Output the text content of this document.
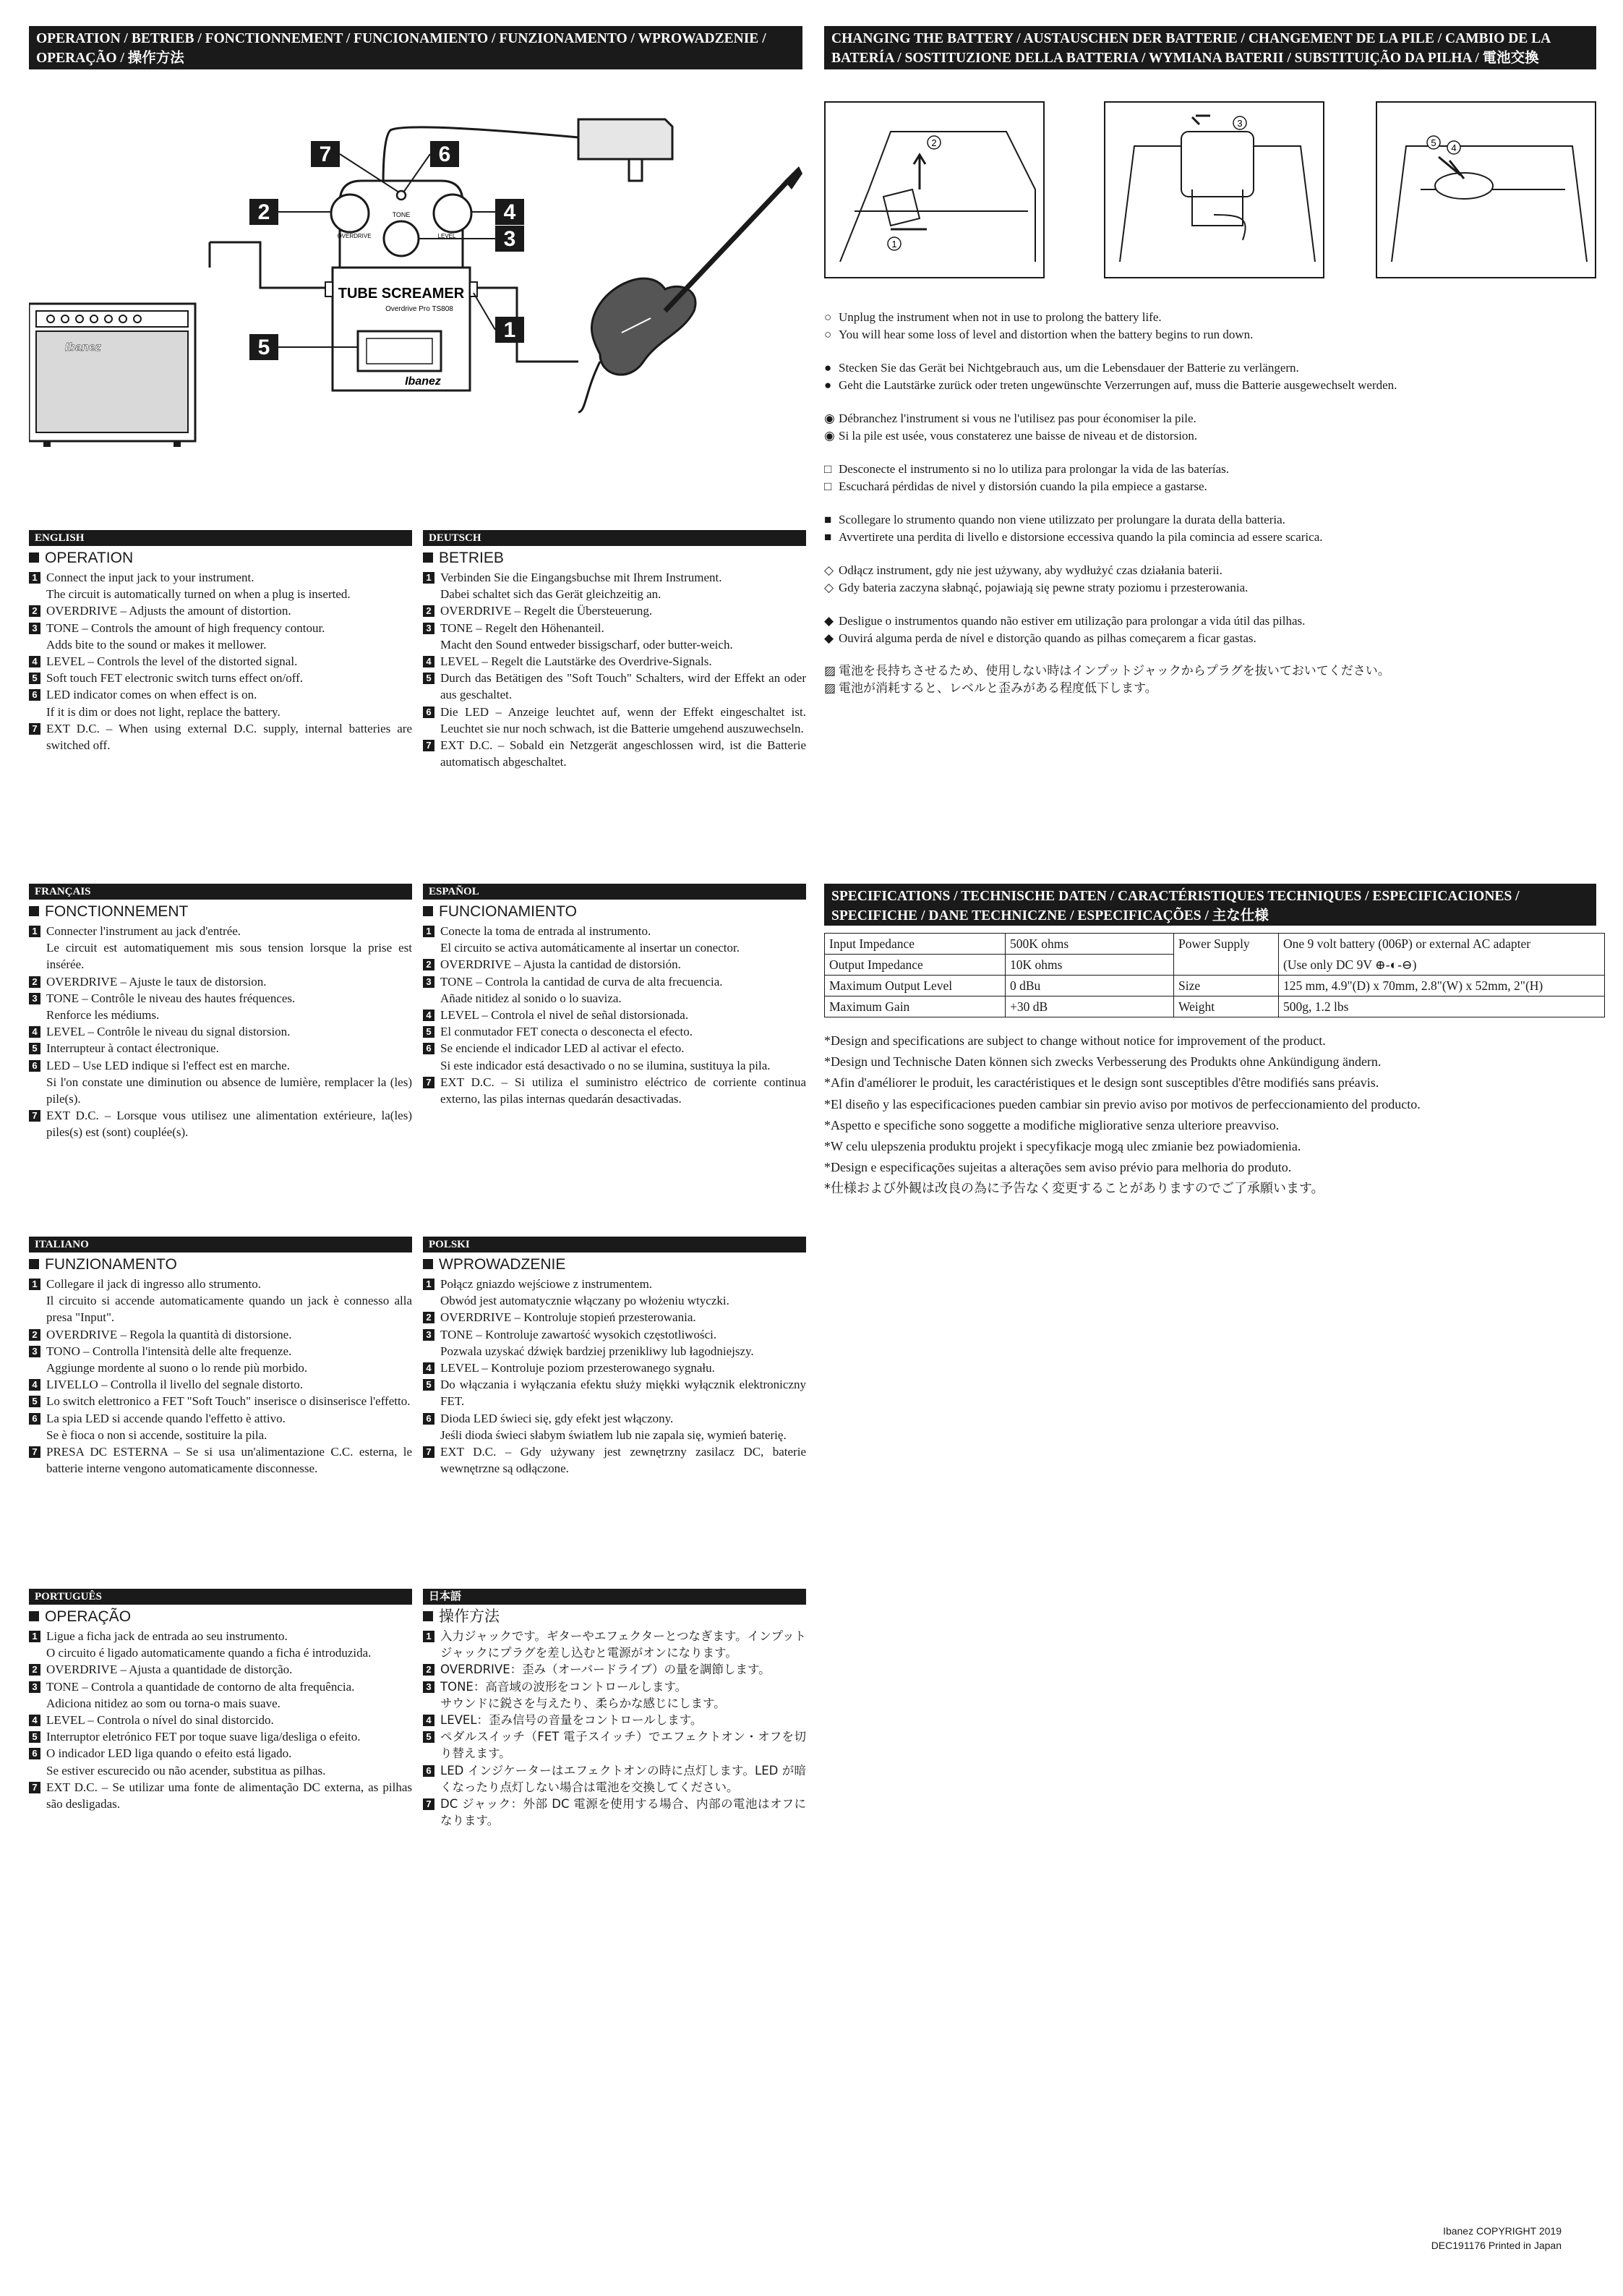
OPERATION / BETRIEB / FONCTIONNEMENT / FUNCIONAMIENTO / FUNZIONAMENTO / WPROWADZENIE / OPERAÇÃO / 操作方法
CHANGING THE BATTERY / AUSTAUSCHEN DER BATTERIE / CHANGEMENT DE LA PILE / CAMBIO DE LA BATERÍA / SOSTITUZIONE DELLA BATTERIA / WYMIANA BATERII / SUBSTITUIÇÃO DA PILHA / 電池交換
TONE
OVERDRIVE	LEVEL
TUBE SCREAMER
Overdrive Pro TS808
Ibanez
Ibanez
7	6
2	4
3
5
1
1
2
3
5 4

○ Unplug the instrument when not in use to prolong the battery life.

○ You will hear some loss of level and distortion when the battery begins to run down.

● Stecken Sie das Gerät bei Nichtgebrauch aus, um die Lebensdauer der Batterie zu verlängern.

● Geht die Lautstärke zurück oder treten ungewünschte Verzerrungen auf, muss die Batterie ausgewechselt werden.

◉ Débranchez l'instrument si vous ne l'utilisez pas pour économiser la pile.

◉ Si la pile est usée, vous constaterez une baisse de niveau et de distorsion.

□ Desconecte el instrumento si no lo utiliza para prolongar la vida de las baterías.

□ Escuchará pérdidas de nivel y distorsión cuando la pila empiece a gastarse.

■ Scollegare lo strumento quando non viene utilizzato per prolungare la durata della batteria.

■ Avvertirete una perdita di livello e distorsione eccessiva quando la pila comincia ad essere scarica.

◇ Odłącz instrument, gdy nie jest używany, aby wydłużyć czas działania baterii.

◇ Gdy bateria zaczyna słabnąć, pojawiają się pewne straty poziomu i przesterowania.

◆ Desligue o instrumentos quando não estiver em utilização para prolongar a vida útil das pilhas.

◆ Ouvirá alguma perda de nível e distorção quando as pilhas começarem a ficar gastas.

▨ 電池を長持ちさせるため、使用しない時はインプットジャックからプラグを抜いておいてください。

▨ 電池が消耗すると、レベルと歪みがある程度低下します。

ENGLISH
OPERATION
1 Connect the input jack to your instrument.
The circuit is automatically turned on when a plug is inserted.
2 OVERDRIVE – Adjusts the amount of distortion.
3 TONE – Controls the amount of high frequency contour.
Adds bite to the sound or makes it mellower.
4 LEVEL – Controls the level of the distorted signal.
5 Soft touch FET electronic switch turns effect on/off.
6 LED indicator comes on when effect is on.
If it is dim or does not light, replace the battery.
7 EXT D.C. – When using external D.C. supply, internal batteries are switched off.
DEUTSCH
BETRIEB
1 Verbinden Sie die Eingangsbuchse mit Ihrem Instrument.
Dabei schaltet sich das Gerät gleichzeitig an.
2 OVERDRIVE – Regelt die Übersteuerung.
3 TONE – Regelt den Höhenanteil.
Macht den Sound entweder bissigscharf, oder butter-weich.
4 LEVEL – Regelt die Lautstärke des Overdrive-Signals.
5 Durch das Betätigen des "Soft Touch" Schalters, wird der Effekt an oder aus geschaltet.
6 Die LED – Anzeige leuchtet auf, wenn der Effekt eingeschaltet ist. Leuchtet sie nur noch schwach, ist die Batterie umgehend auszuwechseln.
7 EXT D.C. – Sobald ein Netzgerät angeschlossen wird, ist die Batterie automatisch abgeschaltet.
FRANÇAIS
FONCTIONNEMENT
1 Connecter l'instrument au jack d'entrée.
Le circuit est automatiquement mis sous tension lorsque la prise est insérée.
2 OVERDRIVE – Ajuste le taux de distorsion.
3 TONE – Contrôle le niveau des hautes fréquences.
Renforce les médiums.
4 LEVEL – Contrôle le niveau du signal distorsion.
5 Interrupteur à contact électronique.
6 LED – Use LED indique si l'effect est en marche.
Si l'on constate une diminution ou absence de lumière, remplacer la (les) pile(s).
7 EXT D.C. – Lorsque vous utilisez une alimentation extérieure, la(les) piles(s) est (sont) couplée(s).
ESPAÑOL
FUNCIONAMIENTO
1 Conecte la toma de entrada al instrumento.
El circuito se activa automáticamente al insertar un conector.
2 OVERDRIVE – Ajusta la cantidad de distorsión.
3 TONE – Controla la cantidad de curva de alta frecuencia.
Añade nitidez al sonido o lo suaviza.
4 LEVEL – Controla el nivel de señal distorsionada.
5 El conmutador FET conecta o desconecta el efecto.
6 Se enciende el indicador LED al activar el efecto.
Si este indicador está desactivado o no se ilumina, sustituya la pila.
7 EXT D.C. – Si utiliza el suministro eléctrico de corriente continua externo, las pilas internas quedarán desactivadas.
ITALIANO
FUNZIONAMENTO
1 Collegare il jack di ingresso allo strumento.
Il circuito si accende automaticamente quando un jack è connesso alla presa "Input".
2 OVERDRIVE – Regola la quantità di distorsione.
3 TONO – Controlla l'intensità delle alte frequenze.
Aggiunge mordente al suono o lo rende più morbido.
4 LIVELLO – Controlla il livello del segnale distorto.
5 Lo switch elettronico a FET "Soft Touch" inserisce o disinserisce l'effetto.
6 La spia LED si accende quando l'effetto è attivo.
Se è fioca o non si accende, sostituire la pila.
7 PRESA DC ESTERNA – Se si usa un'alimentazione C.C. esterna, le batterie interne vengono automaticamente disconnesse.
POLSKI
WPROWADZENIE
1 Połącz gniazdo wejściowe z instrumentem.
Obwód jest automatycznie włączany po włożeniu wtyczki.
2 OVERDRIVE – Kontroluje stopień przesterowania.
3 TONE – Kontroluje zawartość wysokich częstotliwości.
Pozwala uzyskać dźwięk bardziej przenikliwy lub łagodniejszy.
4 LEVEL – Kontroluje poziom przesterowanego sygnału.
5 Do włączania i wyłączania efektu służy miękki wyłącznik elektroniczny FET.
6 Dioda LED świeci się, gdy efekt jest włączony.
Jeśli dioda świeci słabym światłem lub nie zapala się, wymień baterię.
7 EXT D.C. – Gdy używany jest zewnętrzny zasilacz DC, baterie wewnętrzne są odłączone.
PORTUGUÊS
OPERAÇÃO
1 Ligue a ficha jack de entrada ao seu instrumento.
O circuito é ligado automaticamente quando a ficha é introduzida.
2 OVERDRIVE – Ajusta a quantidade de distorção.
3 TONE – Controla a quantidade de contorno de alta frequência.
Adiciona nitidez ao som ou torna-o mais suave.
4 LEVEL – Controla o nível do sinal distorcido.
5 Interruptor eletrónico FET por toque suave liga/desliga o efeito.
6 O indicador LED liga quando o efeito está ligado.
Se estiver escurecido ou não acender, substitua as pilhas.
7 EXT D.C. – Se utilizar uma fonte de alimentação DC externa, as pilhas são desligadas.
日本語
操作方法
1 入力ジャックです。ギターやエフェクターとつなぎます。インプットジャックにプラグを差し込むと電源がオンになります。
2 OVERDRIVE：歪み（オーバードライブ）の量を調節します。
3 TONE：高音域の波形をコントロールします。
サウンドに鋭さを与えたり、柔らかな感じにします。
4 LEVEL：歪み信号の音量をコントロールします。
5 ペダルスイッチ（FET 電子スイッチ）でエフェクトオン・オフを切り替えます。
6 LED インジケーターはエフェクトオンの時に点灯します。LED が暗くなったり点灯しない場合は電池を交換してください。
7 DC ジャック：外部 DC 電源を使用する場合、内部の電池はオフになります。
SPECIFICATIONS / TECHNISCHE DATEN / CARACTÉRISTIQUES TECHNIQUES / ESPECIFICACIONES / SPECIFICHE / DANE TECHNICZNE / ESPECIFICAÇÕES / 主な仕様
Input Impedance	500K ohms	Power Supply	One 9 volt battery (006P) or external AC adapter
Output Impedance	10K ohms		(Use only DC 9V ⊕-◐-⊖)
Maximum Output Level	0 dBu	Size	125 mm, 4.9"(D) x 70mm, 2.8"(W) x 52mm, 2"(H)
Maximum Gain	+30 dB	Weight	500g, 1.2 lbs

*Design and specifications are subject to change without notice for improvement of the product.

*Design und Technische Daten können sich zwecks Verbesserung des Produkts ohne Ankündigung ändern.

*Afin d'améliorer le produit, les caractéristiques et le design sont susceptibles d'être modifiés sans préavis.

*El diseño y las especificaciones pueden cambiar sin previo aviso por motivos de perfeccionamiento del producto.

*Aspetto e specifiche sono soggette a modifiche migliorative senza ulteriore preavviso.

*W celu ulepszenia produktu projekt i specyfikacje mogą ulec zmianie bez powiadomienia.

*Design e especificações sujeitas a alterações sem aviso prévio para melhoria do produto.

*仕様および外観は改良の為に予告なく変更することがありますのでご了承願います。

Ibanez COPYRIGHT 2019
DEC191176 Printed in Japan
